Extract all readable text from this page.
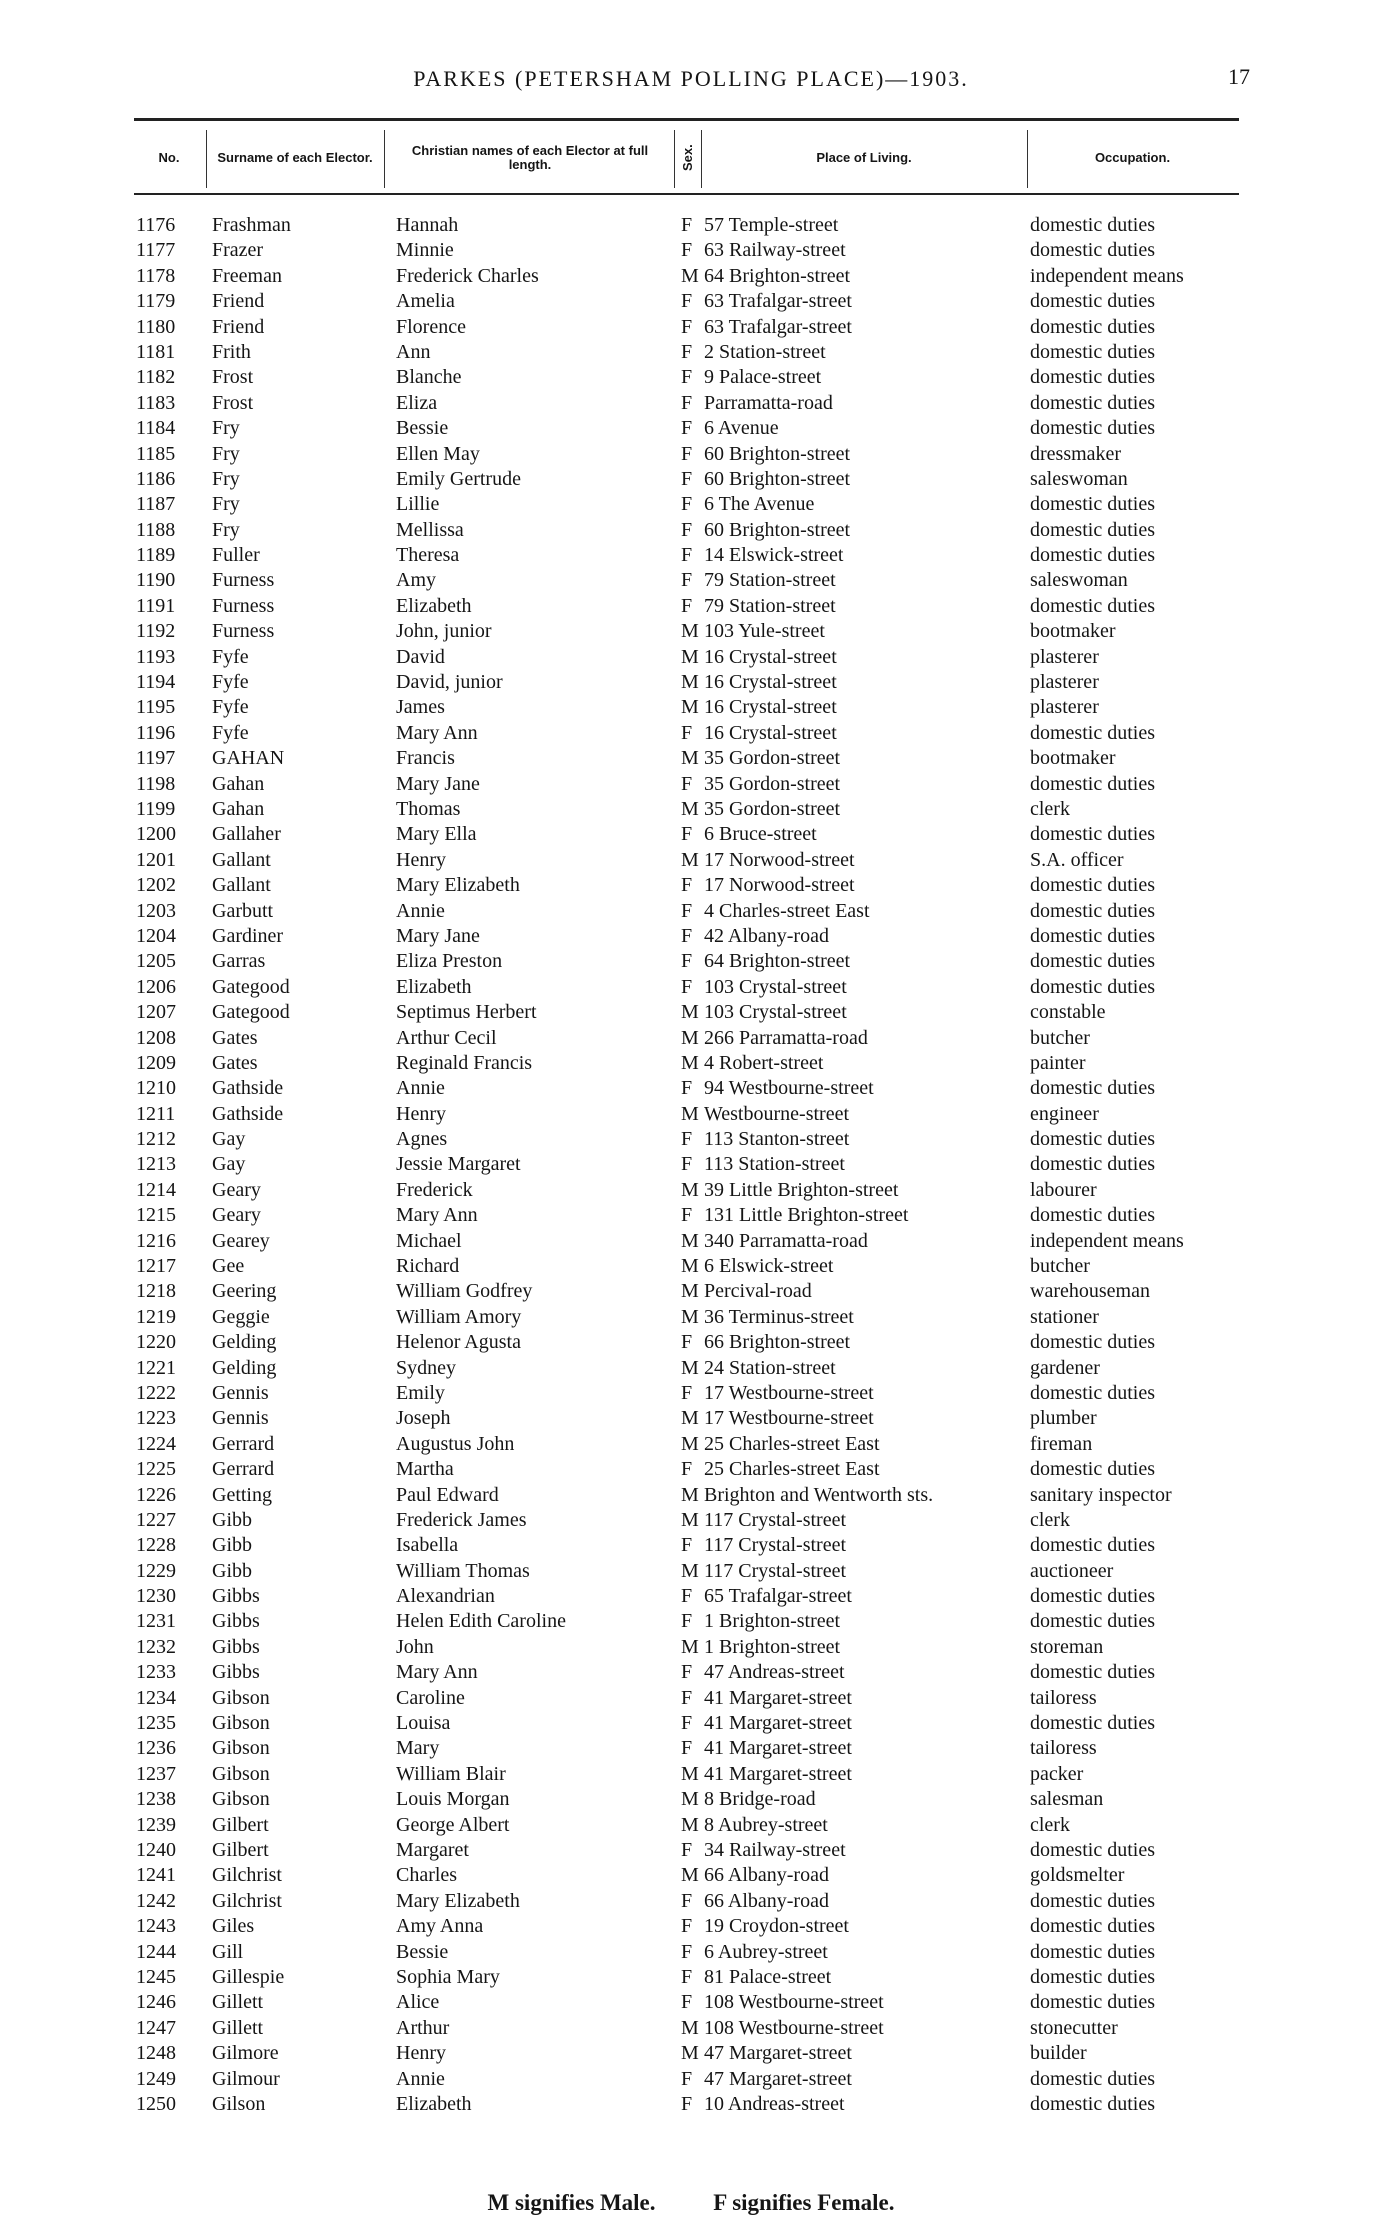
PARKES (PETERSHAM POLLING PLACE)—1903.	17
No.	Surname of each Elector.	Christian names of each Elector at full length.	Sex.	Place of Living.	Occupation.
1176 Frashman	Hannah	F 57 Temple-street	domestic duties
1177 Frazer	Minnie	F 63 Railway-street	domestic duties
1178 Freeman	Frederick Charles	M 64 Brighton-street	independent means
1179 Friend	Amelia	F 63 Trafalgar-street	domestic duties
1180 Friend	Florence	F 63 Trafalgar-street	domestic duties
1181 Frith	Ann	F 2 Station-street	domestic duties
1182 Frost	Blanche	F 9 Palace-street	domestic duties
1183 Frost	Eliza	F Parramatta-road	domestic duties
1184 Fry	Bessie	F 6 Avenue	domestic duties
1185 Fry	Ellen May	F 60 Brighton-street	dressmaker
1186 Fry	Emily Gertrude	F 60 Brighton-street	saleswoman
1187 Fry	Lillie	F 6 The Avenue	domestic duties
1188 Fry	Mellissa	F 60 Brighton-street	domestic duties
1189 Fuller	Theresa	F 14 Elswick-street	domestic duties
1190 Furness	Amy	F 79 Station-street	saleswoman
1191 Furness	Elizabeth	F 79 Station-street	domestic duties
1192 Furness	John, junior	M 103 Yule-street	bootmaker
1193 Fyfe	David	M 16 Crystal-street	plasterer
1194 Fyfe	David, junior	M 16 Crystal-street	plasterer
1195 Fyfe	James	M 16 Crystal-street	plasterer
1196 Fyfe	Mary Ann	F 16 Crystal-street	domestic duties
1197 GAHAN	Francis	M 35 Gordon-street	bootmaker
1198 Gahan	Mary Jane	F 35 Gordon-street	domestic duties
1199 Gahan	Thomas	M 35 Gordon-street	clerk
1200 Gallaher	Mary Ella	F 6 Bruce-street	domestic duties
1201 Gallant	Henry	M 17 Norwood-street	S.A. officer
1202 Gallant	Mary Elizabeth	F 17 Norwood-street	domestic duties
1203 Garbutt	Annie	F 4 Charles-street East	domestic duties
1204 Gardiner	Mary Jane	F 42 Albany-road	domestic duties
1205 Garras	Eliza Preston	F 64 Brighton-street	domestic duties
1206 Gategood	Elizabeth	F 103 Crystal-street	domestic duties
1207 Gategood	Septimus Herbert	M 103 Crystal-street	constable
1208 Gates	Arthur Cecil	M 266 Parramatta-road	butcher
1209 Gates	Reginald Francis	M 4 Robert-street	painter
1210 Gathside	Annie	F 94 Westbourne-street	domestic duties
1211 Gathside	Henry	M Westbourne-street	engineer
1212 Gay	Agnes	F 113 Stanton-street	domestic duties
1213 Gay	Jessie Margaret	F 113 Station-street	domestic duties
1214 Geary	Frederick	M 39 Little Brighton-street	labourer
1215 Geary	Mary Ann	F 131 Little Brighton-street	domestic duties
1216 Gearey	Michael	M 340 Parramatta-road	independent means
1217 Gee	Richard	M 6 Elswick-street	butcher
1218 Geering	William Godfrey	M Percival-road	warehouseman
1219 Geggie	William Amory	M 36 Terminus-street	stationer
1220 Gelding	Helenor Agusta	F 66 Brighton-street	domestic duties
1221 Gelding	Sydney	M 24 Station-street	gardener
1222 Gennis	Emily	F 17 Westbourne-street	domestic duties
1223 Gennis	Joseph	M 17 Westbourne-street	plumber
1224 Gerrard	Augustus John	M 25 Charles-street East	fireman
1225 Gerrard	Martha	F 25 Charles-street East	domestic duties
1226 Getting	Paul Edward	M Brighton and Wentworth sts.	sanitary inspector
1227 Gibb	Frederick James	M 117 Crystal-street	clerk
1228 Gibb	Isabella	F 117 Crystal-street	domestic duties
1229 Gibb	William Thomas	M 117 Crystal-street	auctioneer
1230 Gibbs	Alexandrian	F 65 Trafalgar-street	domestic duties
1231 Gibbs	Helen Edith Caroline	F 1 Brighton-street	domestic duties
1232 Gibbs	John	M 1 Brighton-street	storeman
1233 Gibbs	Mary Ann	F 47 Andreas-street	domestic duties
1234 Gibson	Caroline	F 41 Margaret-street	tailoress
1235 Gibson	Louisa	F 41 Margaret-street	domestic duties
1236 Gibson	Mary	F 41 Margaret-street	tailoress
1237 Gibson	William Blair	M 41 Margaret-street	packer
1238 Gibson	Louis Morgan	M 8 Bridge-road	salesman
1239 Gilbert	George Albert	M 8 Aubrey-street	clerk
1240 Gilbert	Margaret	F 34 Railway-street	domestic duties
1241 Gilchrist	Charles	M 66 Albany-road	goldsmelter
1242 Gilchrist	Mary Elizabeth	F 66 Albany-road	domestic duties
1243 Giles	Amy Anna	F 19 Croydon-street	domestic duties
1244 Gill	Bessie	F 6 Aubrey-street	domestic duties
1245 Gillespie	Sophia Mary	F 81 Palace-street	domestic duties
1246 Gillett	Alice	F 108 Westbourne-street	domestic duties
1247 Gillett	Arthur	M 108 Westbourne-street	stonecutter
1248 Gilmore	Henry	M 47 Margaret-street	builder
1249 Gilmour	Annie	F 47 Margaret-street	domestic duties
1250 Gilson	Elizabeth	F 10 Andreas-street	domestic duties
M signifies Male.	F signifies Female.
